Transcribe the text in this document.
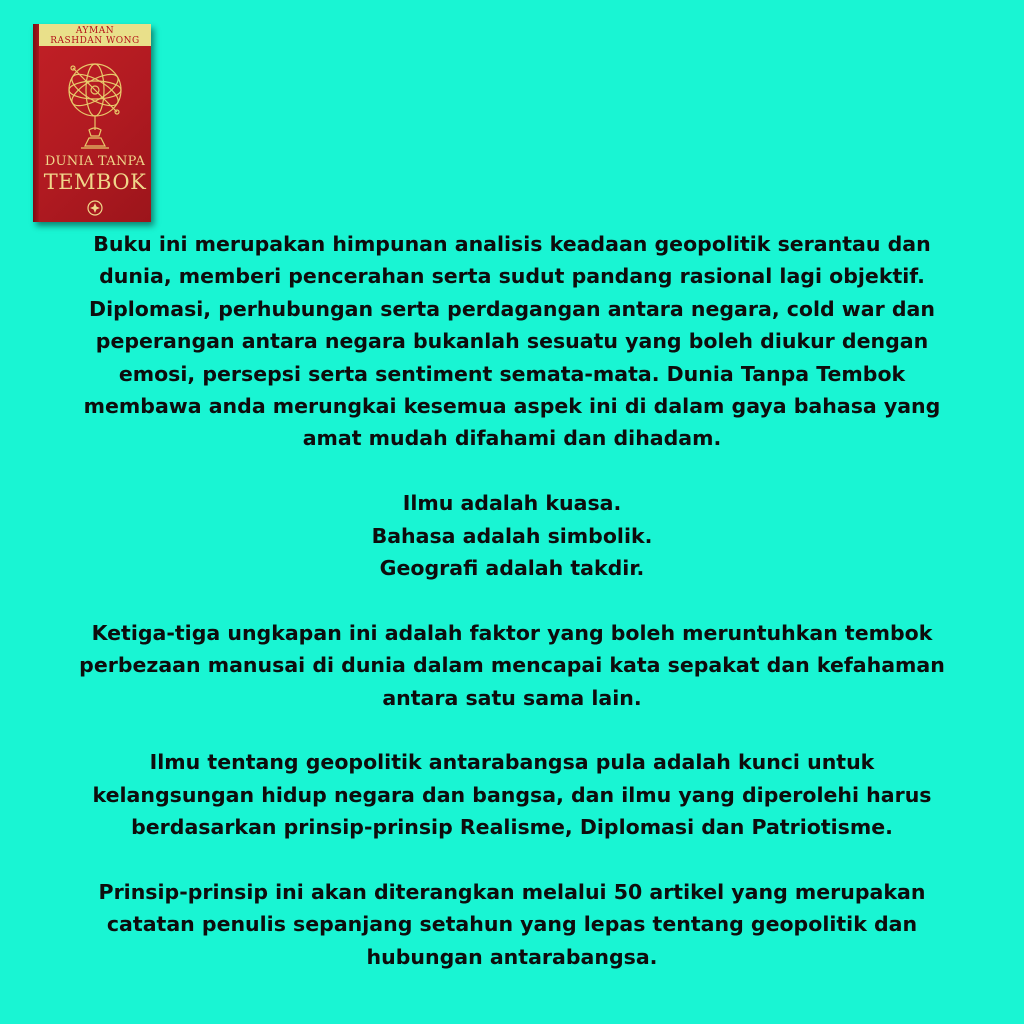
AYMAN
RASHDAN WONG
DUNIA TANPA
TEMBOK

Buku ini merupakan himpunan analisis keadaan geopolitik serantau dan
dunia, memberi pencerahan serta sudut pandang rasional lagi objektif.
Diplomasi, perhubungan serta perdagangan antara negara, cold war dan
peperangan antara negara bukanlah sesuatu yang boleh diukur dengan
emosi, persepsi serta sentiment semata-mata. Dunia Tanpa Tembok
membawa anda merungkai kesemua aspek ini di dalam gaya bahasa yang
amat mudah difahami dan dihadam.

Ilmu adalah kuasa.
Bahasa adalah simbolik.
Geografi adalah takdir.

Ketiga-tiga ungkapan ini adalah faktor yang boleh meruntuhkan tembok
perbezaan manusai di dunia dalam mencapai kata sepakat dan kefahaman
antara satu sama lain.

Ilmu tentang geopolitik antarabangsa pula adalah kunci untuk
kelangsungan hidup negara dan bangsa, dan ilmu yang diperolehi harus
berdasarkan prinsip-prinsip Realisme, Diplomasi dan Patriotisme.

Prinsip-prinsip ini akan diterangkan melalui 50 artikel yang merupakan
catatan penulis sepanjang setahun yang lepas tentang geopolitik dan
hubungan antarabangsa.
